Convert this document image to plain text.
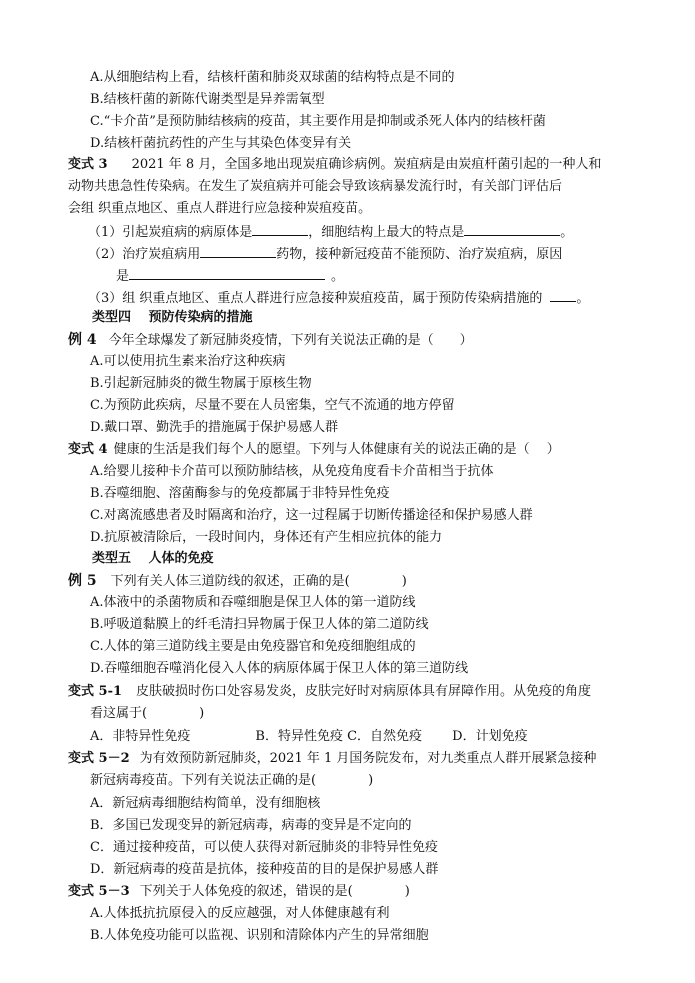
A.从细胞结构上看，结核杆菌和肺炎双球菌的结构特点是不同的
B.结核杆菌的新陈代谢类型是异养需氧型
C.“卡介苗”是预防肺结核病的疫苗，其主要作用是抑制或杀死人体内的结核杆菌
D.结核杆菌抗药性的产生与其染色体变异有关
变式 3 2021 年 8 月，全国多地出现炭疽确诊病例。炭疽病是由炭疽杆菌引起的一种人和
动物共患急性传染病。在发生了炭疽病并可能会导致该病暴发流行时，有关部门评估后
会组 织重点地区、重点人群进行应急接种炭疽疫苗。
（1）引起炭疽病的病原体是	，细胞结构上最大的特点是	。
（2）治疗炭疽病用	药物，接种新冠疫苗不能预防、治疗炭疽病，原因
是	。
（3）组 织重点地区、重点人群进行应急接种炭疽疫苗，属于预防传染病措施的	。
类型四　 预防传染病的措施
例 4 今年全球爆发了新冠肺炎疫情，下列有关说法正确的是（　　）
A.可以使用抗生素来治疗这种疾病
B.引起新冠肺炎的微生物属于原核生物
C.为预防此疾病，尽量不要在人员密集，空气不流通的地方停留
D.戴口罩、勤洗手的措施属于保护易感人群
变式 4 健康的生活是我们每个人的愿望。下列与人体健康有关的说法正确的是（　 ）
A.给婴儿接种卡介苗可以预防肺结核，从免疫角度看卡介苗相当于抗体
B.吞噬细胞、溶菌酶参与的免疫都属于非特异性免疫
C.对离流感患者及时隔离和治疗，这一过程属于切断传播途径和保护易感人群
D.抗原被清除后，一段时间内，身体还有产生相应抗体的能力
类型五　 人体的免疫
例 5 下列有关人体三道防线的叙述，正确的是(　　　　)
A.体液中的杀菌物质和吞噬细胞是保卫人体的第一道防线
B.呼吸道黏膜上的纤毛清扫异物属于保卫人体的第二道防线
C.人体的第三道防线主要是由免疫器官和免疫细胞组成的
D.吞噬细胞吞噬消化侵入人体的病原体属于保卫人体的第三道防线
变式 5-1 皮肤破损时伤口处容易发炎，皮肤完好时对病原体具有屏障作用。从免疫的角度
看这属于(　　　　)
A．非特异性免疫　　　　　B．特异性免疫 C．自然免疫　　 D．计划免疫
变式 5－2 为有效预防新冠肺炎，2021 年 1 月国务院发布，对九类重点人群开展紧急接种
新冠病毒疫苗。下列有关说法正确的是(　　　　)
A．新冠病毒细胞结构简单，没有细胞核
B．多国已发现变异的新冠病毒，病毒的变异是不定向的
C．通过接种疫苗，可以使人获得对新冠肺炎的非特异性免疫
D．新冠病毒的疫苗是抗体，接种疫苗的目的是保护易感人群
变式 5－3 下列关于人体免疫的叙述，错误的是(　　　　)
A.人体抵抗抗原侵入的反应越强，对人体健康越有利
B.人体免疫功能可以监视、识别和清除体内产生的异常细胞
